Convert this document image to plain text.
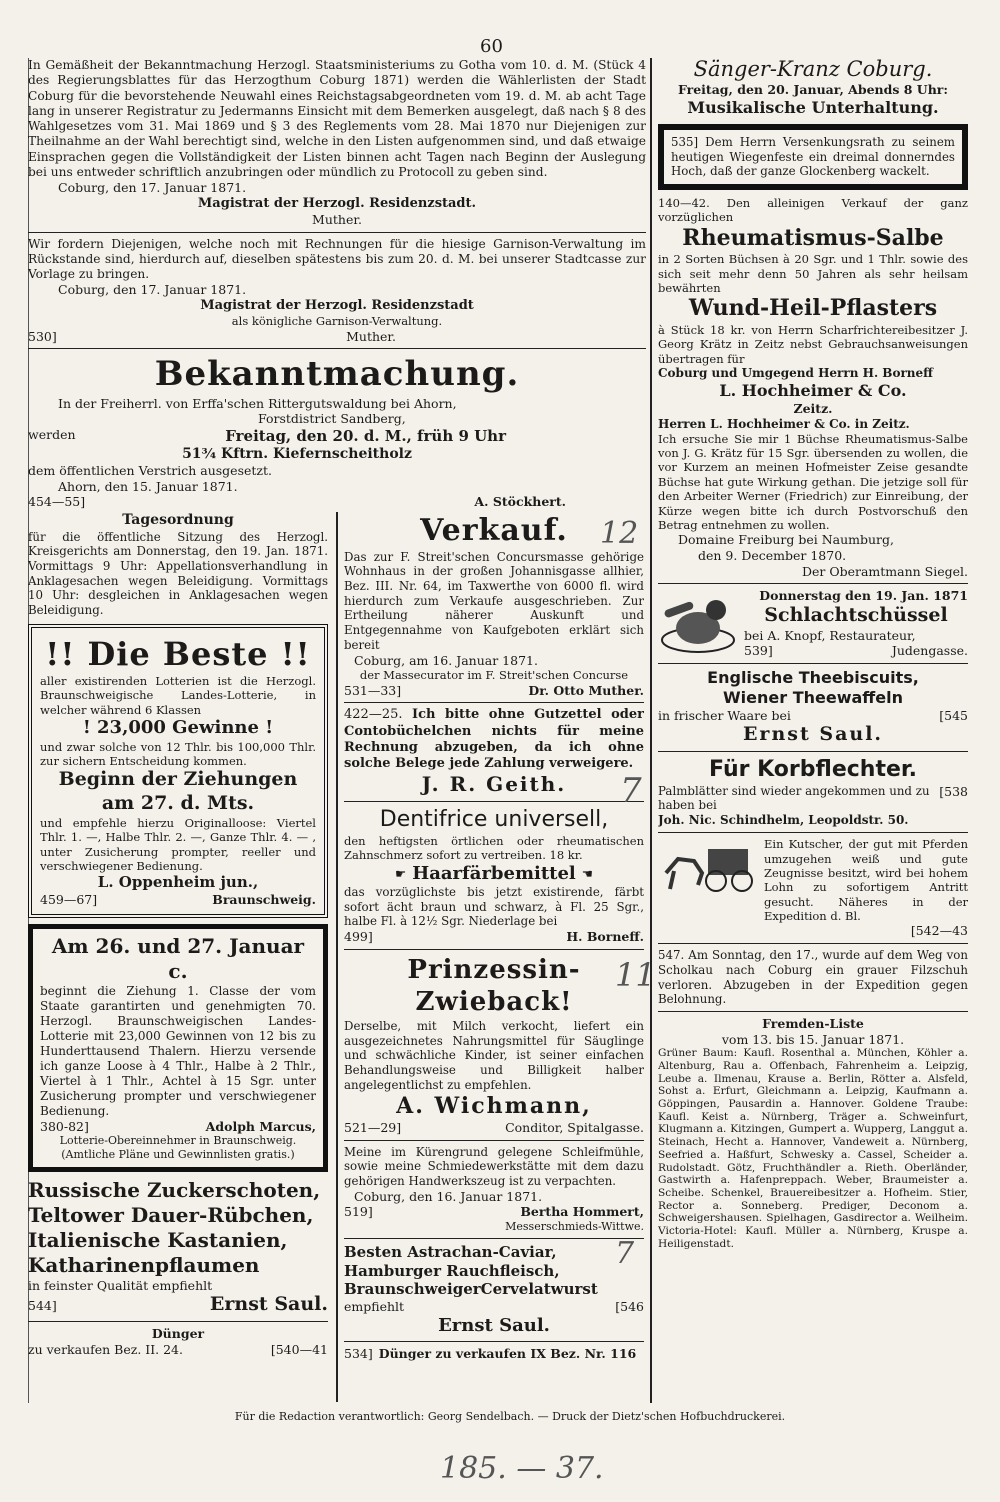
60

In Gemäßheit der Bekanntmachung Herzogl. Staatsministeriums zu Gotha vom 10. d. M. (Stück 4 des Regierungsblattes für das Herzogthum Coburg 1871) werden die Wählerlisten der Stadt Coburg für die bevorstehende Neuwahl eines Reichstagsabgeordneten vom 19. d. M. ab acht Tage lang in unserer Registratur zu Jedermanns Einsicht mit dem Bemerken ausgelegt, daß nach § 8 des Wahlgesetzes vom 31. Mai 1869 und § 3 des Reglements vom 28. Mai 1870 nur Diejenigen zur Theilnahme an der Wahl berechtigt sind, welche in den Listen aufgenommen sind, und daß etwaige Einsprachen gegen die Vollständigkeit der Listen binnen acht Tagen nach Beginn der Auslegung bei uns entweder schriftlich anzubringen oder mündlich zu Protocoll zu geben sind.

Coburg, den 17. Januar 1871.
Magistrat der Herzogl. Residenzstadt.
Muther.

Wir fordern Diejenigen, welche noch mit Rechnungen für die hiesige Garnison-Verwaltung im Rückstande sind, hierdurch auf, dieselben spätestens bis zum 20. d. M. bei unserer Stadtcasse zur Vorlage zu bringen.

Coburg, den 17. Januar 1871.
Magistrat der Herzogl. Residenzstadt
als königliche Garnison-Verwaltung.
530]	Muther.
Bekanntmachung.
In der Freiherrl. von Erffa'schen Rittergutswaldung bei Ahorn,
Forstdistrict Sandberg,
werden	Freitag, den 20. d. M., früh 9 Uhr
51¾ Kftrn. Kiefernscheitholz
dem öffentlichen Verstrich ausgesetzt.
Ahorn, den 15. Januar 1871.
454—55]	A. Stöckhert.
Tagesordnung

für die öffentliche Sitzung des Herzogl. Kreisgerichts am Donnerstag, den 19. Jan. 1871. Vormittags 9 Uhr: Appellationsverhandlung in Anklagesachen wegen Beleidigung. Vormittags 10 Uhr: desgleichen in Anklagesachen wegen Beleidigung.

!! Die Beste !!

aller existirenden Lotterien ist die Herzogl. Braunschweigische Landes-Lotterie, in welcher während 6 Klassen

! 23,000 Gewinne !

und zwar solche von 12 Thlr. bis 100,000 Thlr. zur sichern Entscheidung kommen.

Beginn der Ziehungen
am 27. d. Mts.

und empfehle hierzu Originalloose: Viertel Thlr. 1. —, Halbe Thlr. 2. —, Ganze Thlr. 4. — , unter Zusicherung prompter, reeller und verschwiegener Bedienung.

L. Oppenheim jun.,
459—67]	Braunschweig.
Am 26. und 27. Januar c.

beginnt die Ziehung 1. Classe der vom Staate garantirten und genehmigten 70. Herzogl. Braunschweigischen Landes-Lotterie mit 23,000 Gewinnen von 12 bis zu Hunderttausend Thalern. Hierzu versende ich ganze Loose à 4 Thlr., Halbe à 2 Thlr., Viertel à 1 Thlr., Achtel à 15 Sgr. unter Zusicherung prompter und verschwiegener Bedienung.

380-82]	Adolph Marcus,
Lotterie-Obereinnehmer in Braunschweig.
(Amtliche Pläne und Gewinnlisten gratis.)
Russische Zuckerschoten,
Teltower Dauer-Rübchen,
Italienische Kastanien,
Katharinenpflaumen
in feinster Qualität empfiehlt
544]	Ernst Saul.
Dünger
zu verkaufen Bez. II. 24.	[540—41
Verkauf.

Das zur F. Streit'schen Concursmasse gehörige Wohnhaus in der großen Johannisgasse allhier, Bez. III. Nr. 64, im Taxwerthe von 6000 fl. wird hierdurch zum Verkaufe ausgeschrieben. Zur Ertheilung näherer Auskunft und Entgegennahme von Kaufgeboten erklärt sich bereit

Coburg, am 16. Januar 1871.
der Massecurator im F. Streit'schen Concurse
531—33]	Dr. Otto Muther.

422—25. Ich bitte ohne Gutzettel oder Contobüchelchen nichts für meine Rechnung abzugeben, da ich ohne solche Belege jede Zahlung verweigere.

J. R. Geith.
Dentifrice universell,

den heftigsten örtlichen oder rheumatischen Zahnschmerz sofort zu vertreiben. 18 kr.

☛ Haarfärbemittel ☚

das vorzüglichste bis jetzt existirende, färbt sofort ächt braun und schwarz, à Fl. 25 Sgr., halbe Fl. à 12½ Sgr. Niederlage bei

499]	H. Borneff.
Prinzessin-Zwieback!

Derselbe, mit Milch verkocht, liefert ein ausgezeichnetes Nahrungsmittel für Säuglinge und schwächliche Kinder, ist seiner einfachen Behandlungsweise und Billigkeit halber angelegentlichst zu empfehlen.

A. Wichmann,
521—29]	Conditor, Spitalgasse.

Meine im Kürengrund gelegene Schleifmühle, sowie meine Schmiedewerkstätte mit dem dazu gehörigen Handwerkszeug ist zu verpachten.

Coburg, den 16. Januar 1871.
519]	Bertha Hommert,
Messerschmieds-Wittwe.
Besten Astrachan-Caviar,
Hamburger Rauchfleisch,
BraunschweigerCervelatwurst
empfiehlt	[546
Ernst Saul.
534] Dünger zu verkaufen IX Bez. Nr. 116
Sänger-Kranz Coburg.
Freitag, den 20. Januar, Abends 8 Uhr:
Musikalische Unterhaltung.

535] Dem Herrn Versenkungsrath zu seinem heutigen Wiegenfeste ein dreimal donnerndes Hoch, daß der ganze Glockenberg wackelt.

140—42. Den alleinigen Verkauf der ganz vorzüglichen

Rheumatismus-Salbe

in 2 Sorten Büchsen à 20 Sgr. und 1 Thlr. sowie des sich seit mehr denn 50 Jahren als sehr heilsam bewährten

Wund-Heil-Pflasters

à Stück 18 kr. von Herrn Scharfrichtereibesitzer J. Georg Krätz in Zeitz nebst Gebrauchsanweisungen übertragen für

Coburg und Umgegend Herrn H. Borneff
L. Hochheimer & Co.
Zeitz.
Herren L. Hochheimer & Co. in Zeitz.

Ich ersuche Sie mir 1 Büchse Rheumatismus-Salbe von J. G. Krätz für 15 Sgr. übersenden zu wollen, die vor Kurzem an meinen Hofmeister Zeise gesandte Büchse hat gute Wirkung gethan. Die jetzige soll für den Arbeiter Werner (Friedrich) zur Einreibung, der Kürze wegen bitte ich durch Postvorschuß den Betrag entnehmen zu wollen.

Domaine Freiburg bei Naumburg,
den 9. December 1870.
Der Oberamtmann Siegel.
Donnerstag den 19. Jan. 1871
Schlachtschüssel
bei A. Knopf, Restaurateur,
539]	Judengasse.
Englische Theebiscuits,
Wiener Theewaffeln
in frischer Waare bei	[545
Ernst Saul.
Für Korbflechter.
Palmblätter sind wieder angekommen und zu haben bei
[538
Joh. Nic. Schindhelm, Leopoldstr. 50.

Ein Kutscher, der gut mit Pferden umzugehen weiß und gute Zeugnisse besitzt, wird bei hohem Lohn zu sofortigem Antritt gesucht. Näheres in der Expedition d. Bl.

[542—43

547. Am Sonntag, den 17., wurde auf dem Weg von Scholkau nach Coburg ein grauer Filzschuh verloren. Abzugeben in der Expedition gegen Belohnung.

Fremden-Liste
vom 13. bis 15. Januar 1871.

Grüner Baum: Kaufl. Rosenthal a. München, Köhler a. Altenburg, Rau a. Offenbach, Fahrenheim a. Leipzig, Leube a. Ilmenau, Krause a. Berlin, Rötter a. Alsfeld, Sohst a. Erfurt, Gleichmann a. Leipzig, Kaufmann a. Göppingen, Pausardin a. Hannover. Goldene Traube: Kaufl. Keist a. Nürnberg, Träger a. Schweinfurt, Klugmann a. Kitzingen, Gumpert a. Wupperg, Langgut a. Steinach, Hecht a. Hannover, Vandeweit a. Nürnberg, Seefried a. Haßfurt, Schwesky a. Cassel, Scheider a. Rudolstadt. Götz, Fruchthändler a. Rieth. Oberländer, Gastwirth a. Hafenpreppach. Weber, Braumeister a. Scheibe. Schenkel, Brauereibesitzer a. Hofheim. Stier, Rector a. Sonneberg. Prediger, Deconom a. Schweigershausen. Spielhagen, Gasdirector a. Weilheim. Victoria-Hotel: Kaufl. Müller a. Nürnberg, Kruspe a. Heiligenstadt.

Für die Redaction verantwortlich: Georg Sendelbach. — Druck der Dietz'schen Hofbuchdruckerei.
185. — 37.
12
7
11
7
